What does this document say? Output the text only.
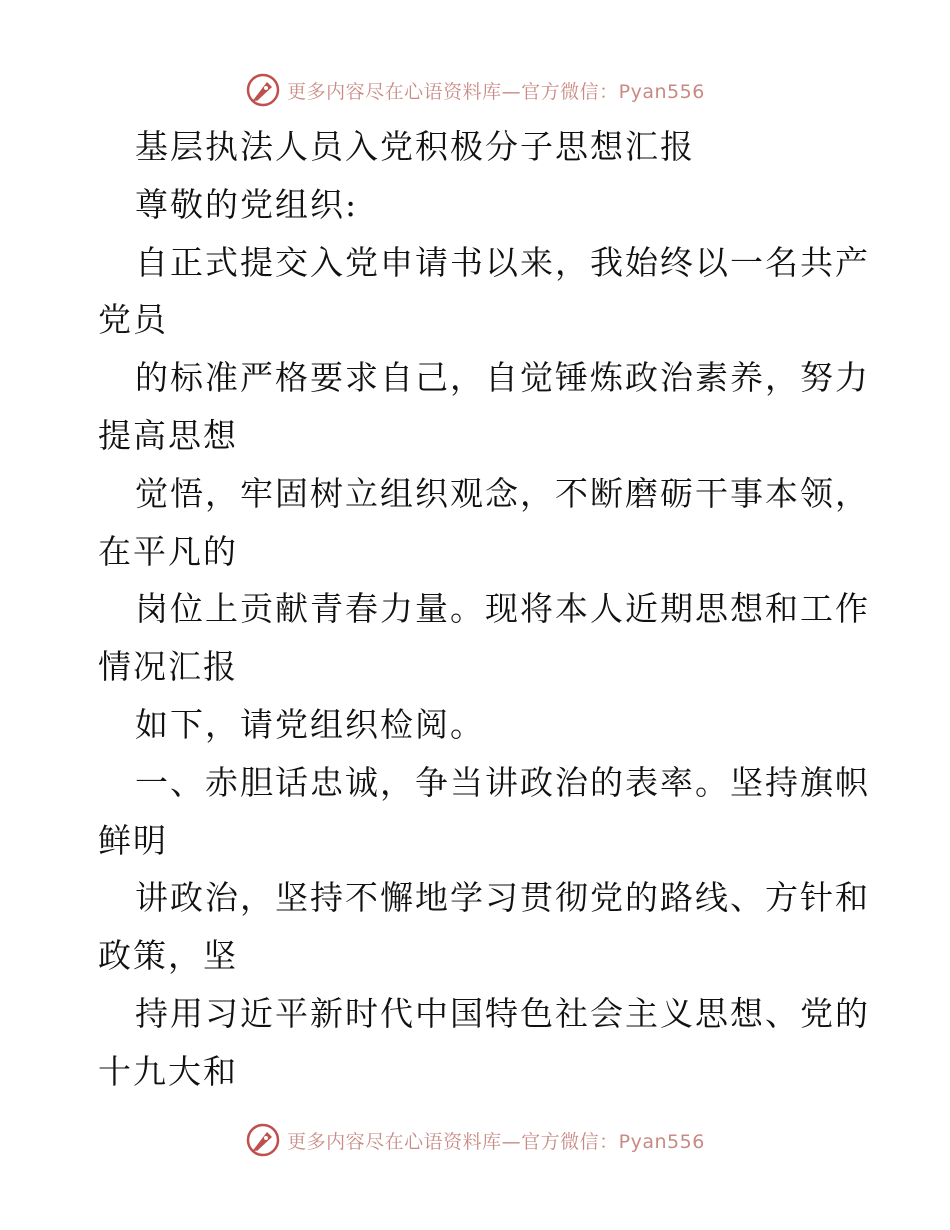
更多内容尽在心语资料库—官方微信：Pyan556
基层执法人员入党积极分子思想汇报
尊敬的党组织:
自正式提交入党申请书以来，我始终以一名共产
党员
的标准严格要求自己，自觉锤炼政治素养，努力
提高思想
觉悟，牢固树立组织观念，不断磨砺干事本领，
在平凡的
岗位上贡献青春力量。现将本人近期思想和工作
情况汇报
如下，请党组织检阅。
一、赤胆话忠诚，争当讲政治的表率。坚持旗帜
鲜明
讲政治，坚持不懈地学习贯彻党的路线、方针和
政策，坚
持用习近平新时代中国特色社会主义思想、党的
十九大和
更多内容尽在心语资料库—官方微信：Pyan556
